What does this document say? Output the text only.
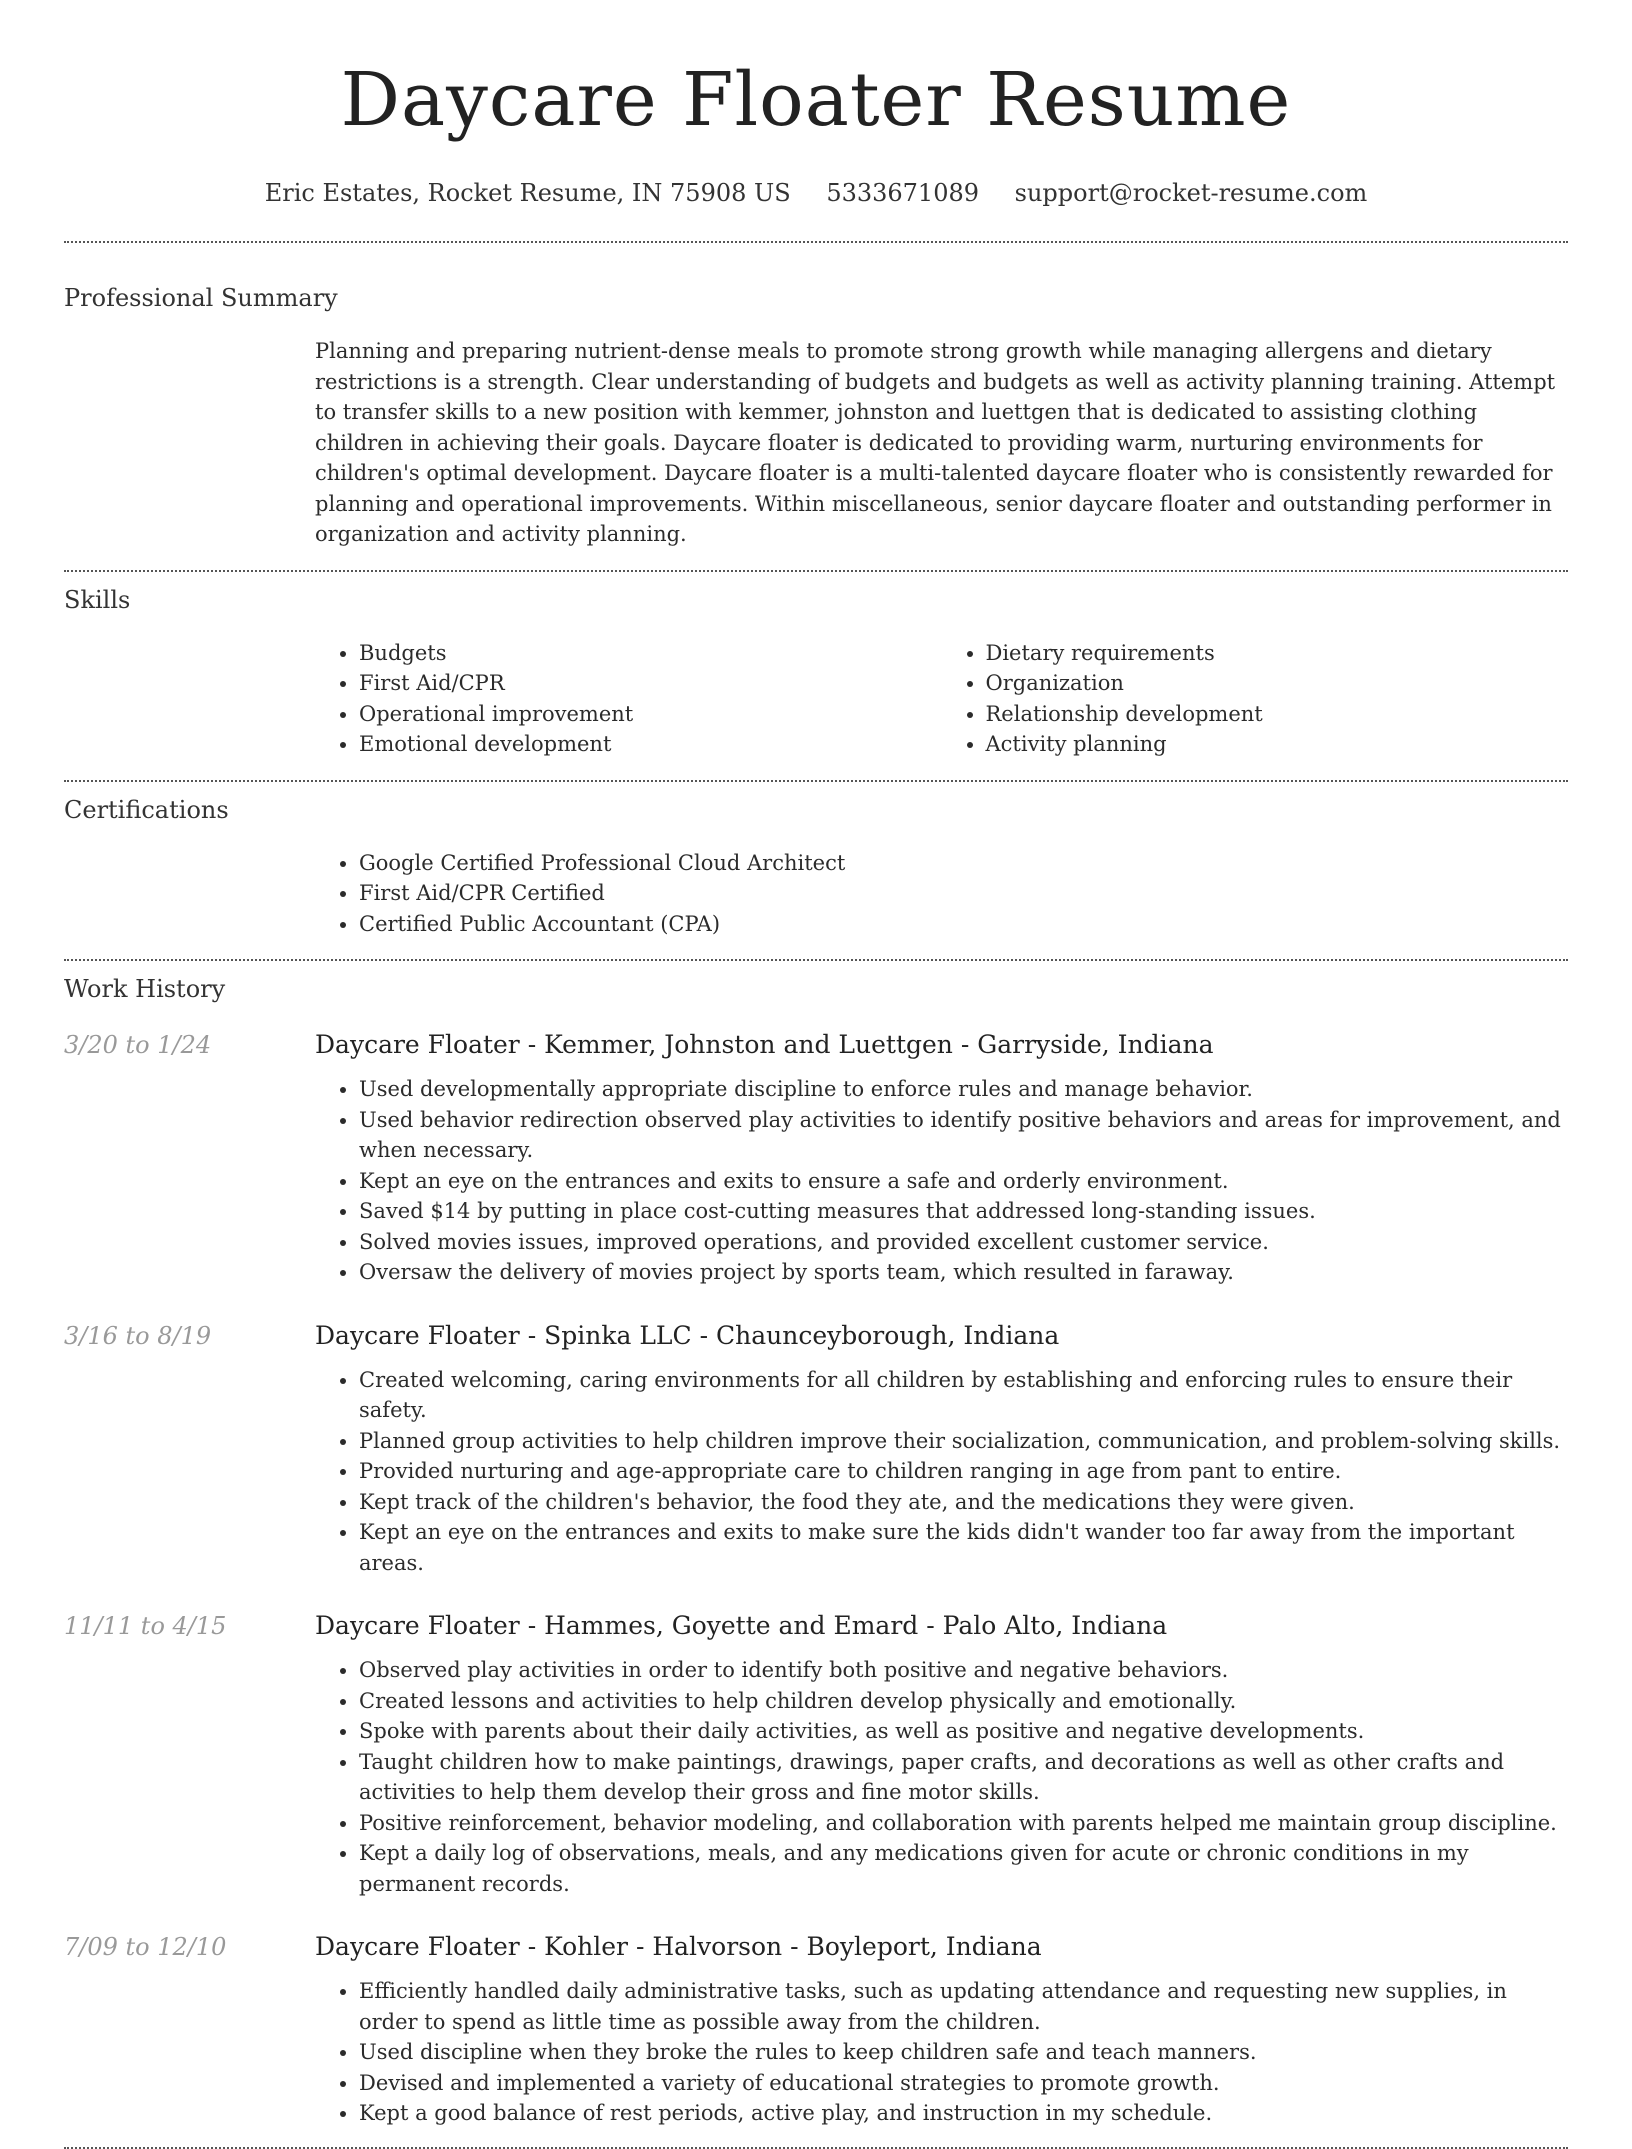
Daycare Floater Resume
Eric Estates, Rocket Resume, IN 75908 US 5333671089 support@rocket-resume.com
Professional Summary

Planning and preparing nutrient-dense meals to promote strong growth while managing allergens and dietary restrictions is a strength. Clear understanding of budgets and budgets as well as activity planning training. Attempt to transfer skills to a new position with kemmer, johnston and luettgen that is dedicated to assisting clothing children in achieving their goals. Daycare floater is dedicated to providing warm, nurturing environments for children's optimal development. Daycare floater is a multi-talented daycare floater who is consistently rewarded for planning and operational improvements. Within miscellaneous, senior daycare floater and outstanding performer in organization and activity planning.

Skills
• Budgets
• First Aid/CPR
• Operational improvement
• Emotional development
• Dietary requirements
• Organization
• Relationship development
• Activity planning
Certifications
• Google Certified Professional Cloud Architect
• First Aid/CPR Certified
• Certified Public Accountant (CPA)
Work History
3/20 to 1/24	Daycare Floater - Kemmer, Johnston and Luettgen - Garryside, Indiana
• Used developmentally appropriate discipline to enforce rules and manage behavior.
• Used behavior redirection observed play activities to identify positive behaviors and areas for improvement, and when necessary.
• Kept an eye on the entrances and exits to ensure a safe and orderly environment.
• Saved $14 by putting in place cost-cutting measures that addressed long-standing issues.
• Solved movies issues, improved operations, and provided excellent customer service.
• Oversaw the delivery of movies project by sports team, which resulted in faraway.
3/16 to 8/19	Daycare Floater - Spinka LLC - Chaunceyborough, Indiana
• Created welcoming, caring environments for all children by establishing and enforcing rules to ensure their safety.
• Planned group activities to help children improve their socialization, communication, and problem-solving skills.
• Provided nurturing and age-appropriate care to children ranging in age from pant to entire.
• Kept track of the children's behavior, the food they ate, and the medications they were given.
• Kept an eye on the entrances and exits to make sure the kids didn't wander too far away from the important areas.
11/11 to 4/15	Daycare Floater - Hammes, Goyette and Emard - Palo Alto, Indiana
• Observed play activities in order to identify both positive and negative behaviors.
• Created lessons and activities to help children develop physically and emotionally.
• Spoke with parents about their daily activities, as well as positive and negative developments.
• Taught children how to make paintings, drawings, paper crafts, and decorations as well as other crafts and activities to help them develop their gross and fine motor skills.
• Positive reinforcement, behavior modeling, and collaboration with parents helped me maintain group discipline.
• Kept a daily log of observations, meals, and any medications given for acute or chronic conditions in my permanent records.
7/09 to 12/10	Daycare Floater - Kohler - Halvorson - Boyleport, Indiana
• Efficiently handled daily administrative tasks, such as updating attendance and requesting new supplies, in order to spend as little time as possible away from the children.
• Used discipline when they broke the rules to keep children safe and teach manners.
• Devised and implemented a variety of educational strategies to promote growth.
• Kept a good balance of rest periods, active play, and instruction in my schedule.
